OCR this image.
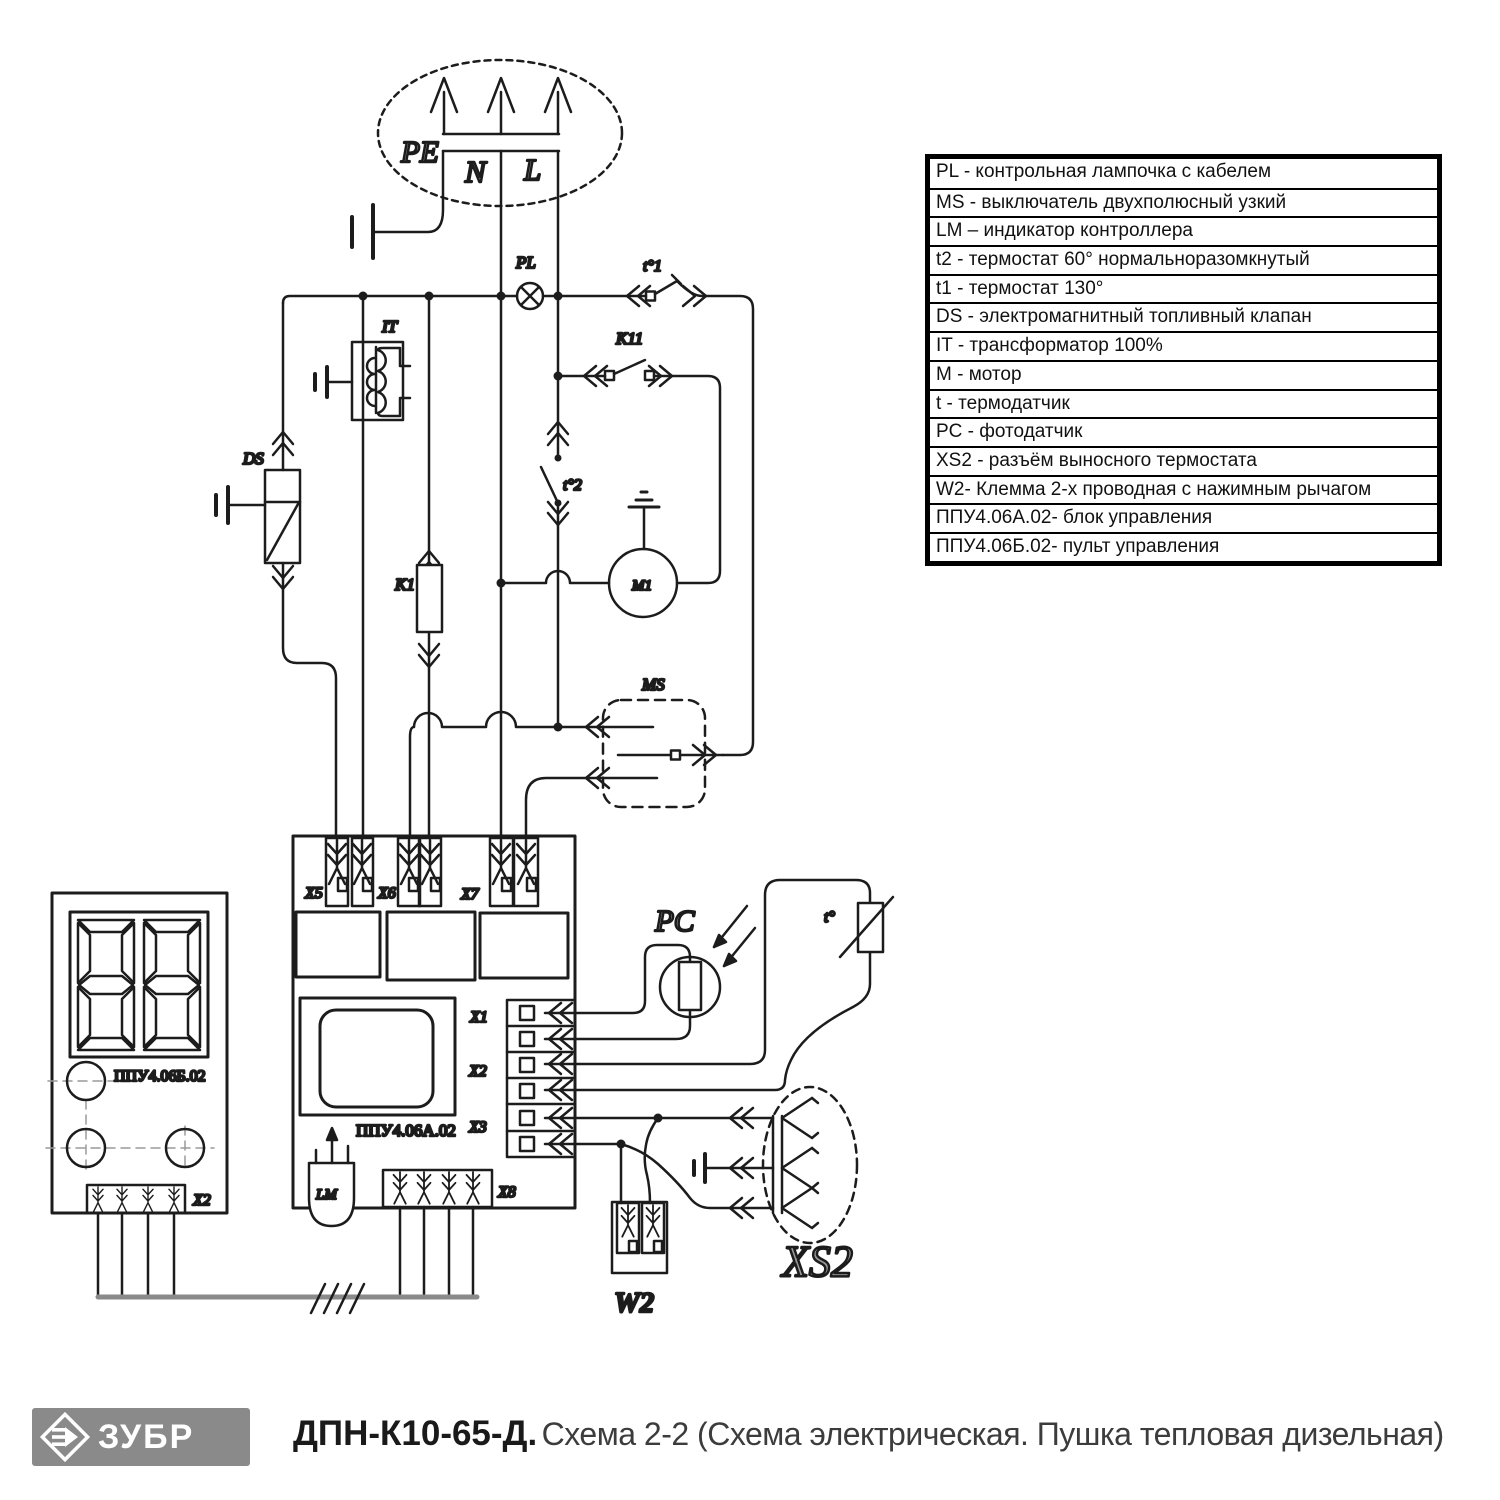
PE
N L
PL	t°1
t°2
K11
M1
DS
IT
K1
MS
X5	X6	X7
ППУ4.06А.02
X1
X2
X3
LM	X8
ППУ4.06Б.02
X2
PC	t°
XS2
W2
PL - контрольная лампочка с кабелем
MS - выключатель двухполюсный узкий
LM – индикатор контроллера
t2 - термостат 60° нормальноразомкнутый
t1 - термостат 130°
DS - электромагнитный топливный клапан
IT - трансформатор 100%
M - мотор
t - термодатчик
PC - фотодатчик
XS2 - разъём выносного термостата
W2- Клемма 2-х проводная с нажимным рычагом
ППУ4.06А.02- блок управления
ППУ4.06Б.02- пульт управления
ЗУБР	ДПН-К10-65-Д. Схема 2-2 (Схема электрическая. Пушка тепловая дизельная)
